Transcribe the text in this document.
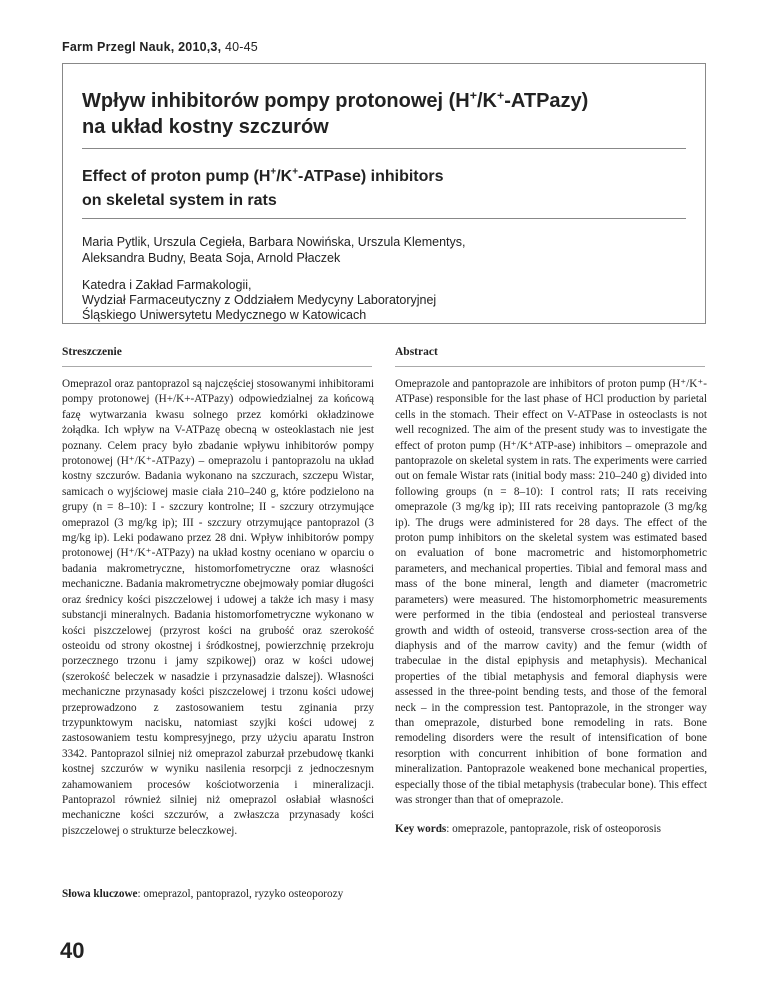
Farm Przegl Nauk, 2010,3, 40-45
Wpływ inhibitorów pompy protonowej (H+/K+-ATPazy)
na układ kostny szczurów
Effect of proton pump (H+/K+-ATPase) inhibitors
on skeletal system in rats
Maria Pytlik, Urszula Cegieła, Barbara Nowińska, Urszula Klementys,
Aleksandra Budny, Beata Soja, Arnold Płaczek
Katedra i Zakład Farmakologii,
Wydział Farmaceutyczny z Oddziałem Medycyny Laboratoryjnej
Śląskiego Uniwersytetu Medycznego w Katowicach
Streszczenie	Abstract
Omeprazol oraz pantoprazol są najczęściej stosowanymi inhibitorami pompy protonowej (H+/K+-ATPazy) odpowiedzialnej za końcową fazę wytwarzania kwasu solnego przez komórki okładzinowe żołądka. Ich wpływ na V-ATPazę obecną w osteoklastach nie jest poznany. Celem pracy było zbadanie wpływu inhibitorów pompy protonowej (H⁺/K⁺-ATPazy) – omeprazolu i pantoprazolu na układ kostny szczurów. Badania wykonano na szczurach, szczepu Wistar, samicach o wyjściowej masie ciała 210–240 g, które podzielono na grupy (n = 8–10): I - szczury kontrolne; II - szczury otrzymujące omeprazol (3 mg/kg ip); III - szczury otrzymujące pantoprazol (3 mg/kg ip). Leki podawano przez 28 dni. Wpływ inhibitorów pompy protonowej (H⁺/K⁺-ATPazy) na układ kostny oceniano w oparciu o badania makrometryczne, histomorfometryczne oraz własności mechaniczne. Badania makrometryczne obejmowały pomiar długości oraz średnicy kości piszczelowej i udowej a także ich masy i masy substancji mineralnych. Badania histomorfometryczne wykonano w kości piszczelowej (przyrost kości na grubość oraz szerokość osteoidu od strony okostnej i śródkostnej, powierzchnię przekroju porzecznego trzonu i jamy szpikowej) oraz w kości udowej (szerokość beleczek w nasadzie i przynasadzie dalszej). Własności mechaniczne przynasady kości piszczelowej i trzonu kości udowej przeprowadzono z zastosowaniem testu zginania przy trzypunktowym nacisku, natomiast szyjki kości udowej z zastosowaniem testu kompresyjnego, przy użyciu aparatu Instron 3342. Pantoprazol silniej niż omeprazol zaburzał przebudowę tkanki kostnej szczurów w wyniku nasilenia resorpcji z jednoczesnym zahamowaniem procesów kościotworzenia i mineralizacji. Pantoprazol również silniej niż omeprazol osłabiał własności mechaniczne kości szczurów, a zwłaszcza przynasady kości piszczelowej o strukturze beleczkowej.
Słowa kluczowe: omeprazol, pantoprazol, ryzyko osteoporozy
Omeprazole and pantoprazole are inhibitors of proton pump (H⁺/K⁺-ATPase) responsible for the last phase of HCl production by parietal cells in the stomach. Their effect on V-ATPase in osteoclasts is not well recognized. The aim of the present study was to investigate the effect of proton pump (H⁺/K⁺ATP-ase) inhibitors – omeprazole and pantoprazole on skeletal system in rats. The experiments were carried out on female Wistar rats (initial body mass: 210–240 g) divided into following groups (n = 8–10): I control rats; II rats receiving omeprazole (3 mg/kg ip); III rats receiving pantoprazole (3 mg/kg ip). The drugs were administered for 28 days. The effect of the proton pump inhibitors on the skeletal system was estimated based on evaluation of bone macrometric and histomorphometric parameters, and mechanical properties. Tibial and femoral mass and mass of the bone mineral, length and diameter (macrometric parameters) were measured. The histomorphometric measurements were performed in the tibia (endosteal and periosteal transverse growth and width of osteoid, transverse cross-section area of the diaphysis and of the marrow cavity) and the femur (width of trabeculae in the distal epiphysis and metaphysis). Mechanical properties of the tibial metaphysis and femoral diaphysis were assessed in the three-point bending tests, and those of the femoral neck – in the compression test. Pantoprazole, in the stronger way than omeprazole, disturbed bone remodeling in rats. Bone remodeling disorders were the result of intensification of bone resorption with concurrent inhibition of bone formation and mineralization. Pantoprazole weakened bone mechanical properties, especially those of the tibial metaphysis (trabecular bone). This effect was stronger than that of omeprazole.
Key words: omeprazole, pantoprazole, risk of osteoporosis
40
